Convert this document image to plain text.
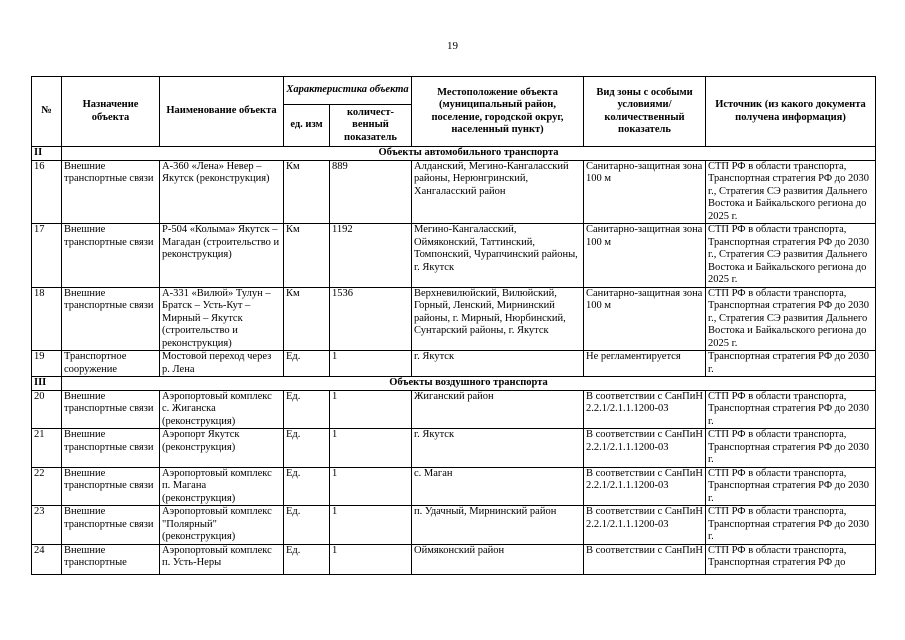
19
№	Назначение объекта	Наименование объекта	Характеристика объекта		Местоположение объекта (муниципальный район, поселение, городской округ, населенный пункт)	Вид зоны с особыми условиями/ количественный показатель	Источник (из какого документа получена информация)
			ед. изм	количест-венный показатель			
II	Объекты автомобильного транспорта						
16	Внешние транспортные связи	А-360 «Лена» Невер – Якутск (реконструкция)	Км	889	Алданский, Мегино-Кангаласский районы, Нерюнгринский, Хангаласский район	Санитарно-защитная зона 100 м	СТП РФ в области транспорта, Транспортная стратегия РФ до 2030 г., Стратегия СЭ развития Дальнего Востока и Байкальского региона до 2025 г.
17	Внешние транспортные связи	Р-504 «Колыма» Якутск – Магадан (строительство и реконструкция)	Км	1192	Мегино-Кангаласский, Оймяконский, Таттинский, Томпонский, Чурапчинский районы, г. Якутск	Санитарно-защитная зона 100 м	СТП РФ в области транспорта, Транспортная стратегия РФ до 2030 г., Стратегия СЭ развития Дальнего Востока и Байкальского региона до 2025 г.
18	Внешние транспортные связи	А-331 «Вилюй» Тулун – Братск – Усть-Кут – Мирный – Якутск (строительство и реконструкция)	Км	1536	Верхневилюйский, Вилюйский, Горный, Ленский, Мирнинский районы, г. Мирный, Нюрбинский, Сунтарский районы, г. Якутск	Санитарно-защитная зона 100 м	СТП РФ в области транспорта, Транспортная стратегия РФ до 2030 г., Стратегия СЭ развития Дальнего Востока и Байкальского региона до 2025 г.
19	Транспортное сооружение	Мостовой переход через р. Лена	Ед.	1	г. Якутск	Не регламентируется	Транспортная стратегия РФ до 2030 г.
III	Объекты воздушного транспорта						
20	Внешние транспортные связи	Аэропортовый комплекс с. Жиганска (реконструкция)	Ед.	1	Жиганский район	В соответствии с СанПиН 2.2.1/2.1.1.1200-03	СТП РФ в области транспорта, Транспортная стратегия РФ до 2030 г.
21	Внешние транспортные связи	Аэропорт Якутск (реконструкция)	Ед.	1	г. Якутск	В соответствии с СанПиН 2.2.1/2.1.1.1200-03	СТП РФ в области транспорта, Транспортная стратегия РФ до 2030 г.
22	Внешние транспортные связи	Аэропортовый комплекс п. Магана (реконструкция)	Ед.	1	с. Маган	В соответствии с СанПиН 2.2.1/2.1.1.1200-03	СТП РФ в области транспорта, Транспортная стратегия РФ до 2030 г.
23	Внешние транспортные связи	Аэропортовый комплекс "Полярный" (реконструкция)	Ед.	1	п. Удачный, Мирнинский район	В соответствии с СанПиН 2.2.1/2.1.1.1200-03	СТП РФ в области транспорта, Транспортная стратегия РФ до 2030 г.
24	Внешние транспортные	Аэропортовый комплекс п. Усть-Неры	Ед.	1	Оймяконский район	В соответствии с СанПиН	СТП РФ в области транспорта, Транспортная стратегия РФ до
